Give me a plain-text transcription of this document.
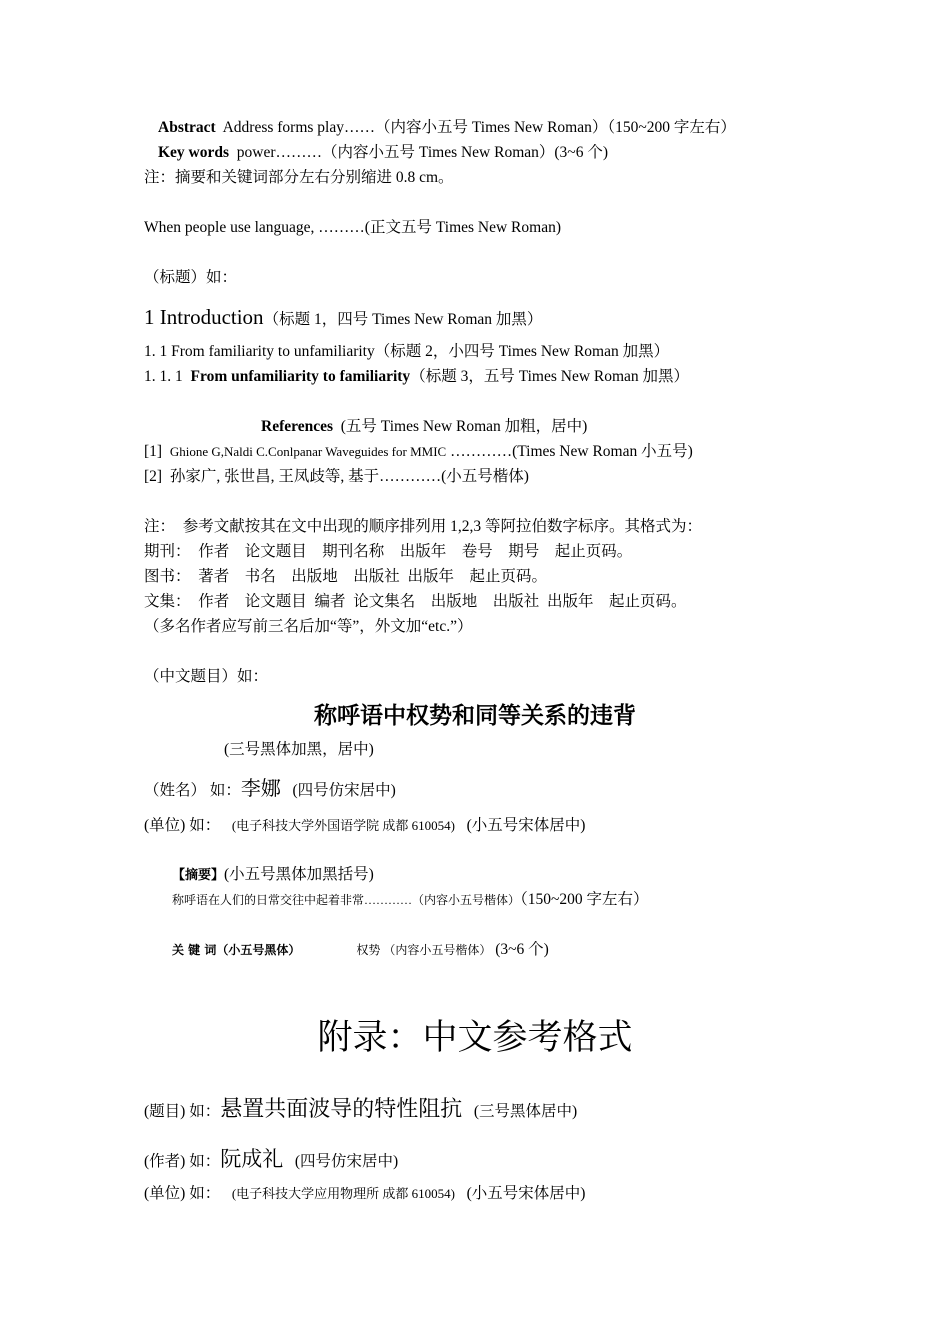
Abstract Address forms play……（内容小五号 Times New Roman）（150~200 字左右）
Key words power………（内容小五号 Times New Roman）(3~6 个)
注：摘要和关键词部分左右分别缩进 0.8 cm。
When people use language, ………(正文五号 Times New Roman)
（标题）如：
1 Introduction（标题 1，四号 Times New Roman 加黑）
1. 1 From familiarity to unfamiliarity（标题 2，小四号 Times New Roman 加黑）
1. 1. 1 From unfamiliarity to familiarity（标题 3，五号 Times New Roman 加黑）
References (五号 Times New Roman 加粗，居中)
[1] Ghione G,Naldi C.Conlpanar Waveguides for MMIC …………(Times New Roman 小五号)
[2] 孙家广, 张世昌, 王凤歧等, 基于…………(小五号楷体)
注： 参考文献按其在文中出现的顺序排列用 1,2,3 等阿拉伯数字标序。其格式为：
期刊：  作者    论文题目    期刊名称    出版年    卷号    期号    起止页码。
图书：  著者    书名    出版地    出版社  出版年    起止页码。
文集：  作者    论文题目  编者  论文集名    出版地    出版社  出版年    起止页码。
（多名作者应写前三名后加“等”，外文加“etc.”）
（中文题目）如：
称呼语中权势和同等关系的违背
(三号黑体加黑，居中)
（姓名） 如：李娜 (四号仿宋居中)
(单位) 如： (电子科技大学外国语学院 成都 610054) (小五号宋体居中)
【摘要】(小五号黑体加黑括号)
称呼语在人们的日常交往中起着非常…………（内容小五号楷体）（150~200 字左右）
关 键 词（小五号黑体）	权势 （内容小五号楷体） (3~6 个)
附录：中文参考格式
(题目) 如：悬置共面波导的特性阻抗 (三号黑体居中)
(作者) 如：阮成礼 (四号仿宋居中)
(单位) 如： (电子科技大学应用物理所 成都 610054) (小五号宋体居中)
